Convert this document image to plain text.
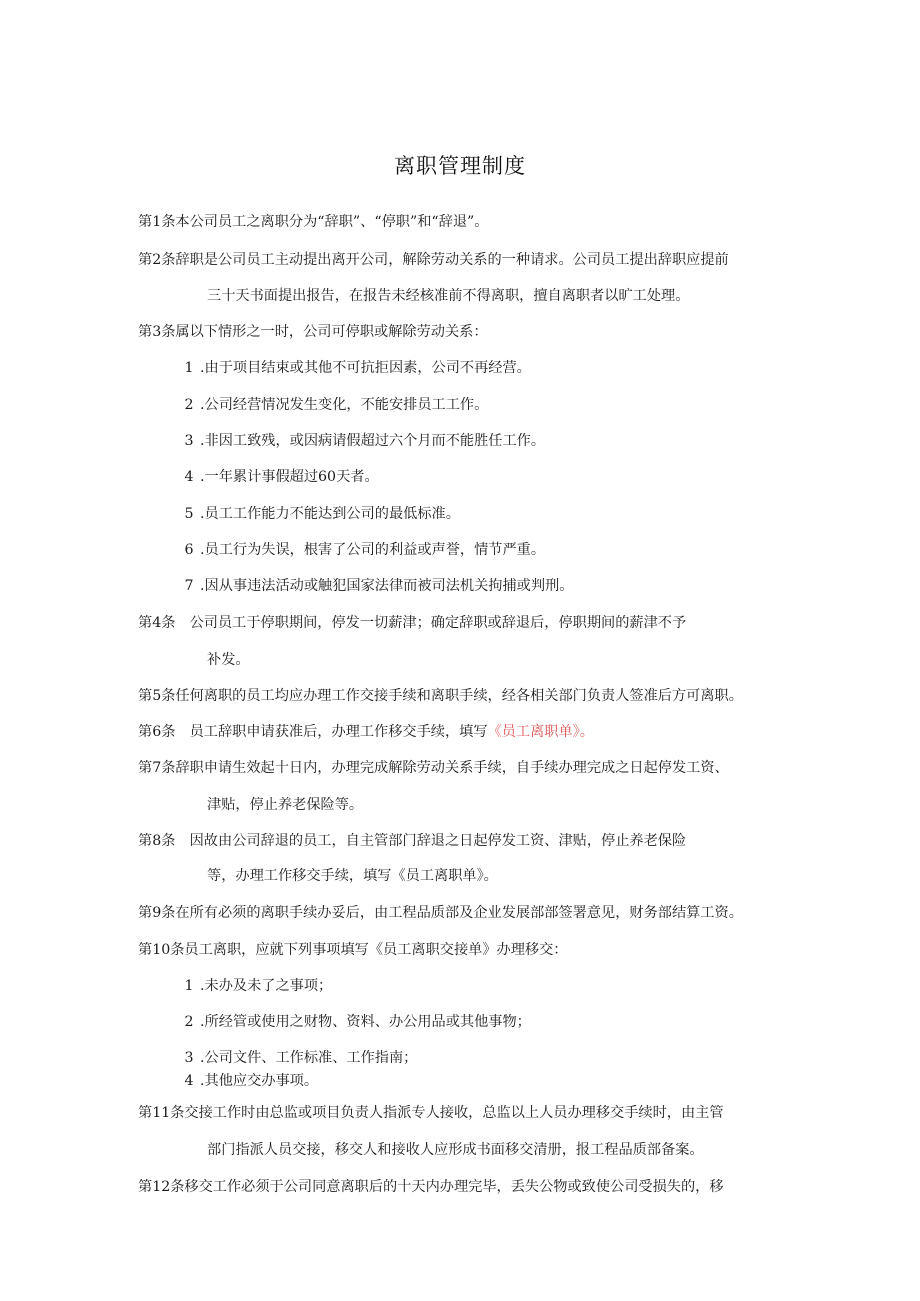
离职管理制度
第1条本公司员工之离职分为“辞职”、“停职”和“辞退”。
第2条辞职是公司员工主动提出离开公司，解除劳动关系的一种请求。公司员工提出辞职应提前
三十天书面提出报告，在报告未经核准前不得离职，擅自离职者以旷工处理。
第3条属以下情形之一时，公司可停职或解除劳动关系：
1 .由于项目结束或其他不可抗拒因素，公司不再经营。
2 .公司经营情况发生变化，不能安排员工工作。
3 .非因工致残，或因病请假超过六个月而不能胜任工作。
4 .一年累计事假超过60天者。
5 .员工工作能力不能达到公司的最低标准。
6 .员工行为失误，根害了公司的利益或声誉，情节严重。
7 .因从事违法活动或触犯国家法律而被司法机关拘捕或判刑。
第4条　公司员工于停职期间，停发一切薪津；确定辞职或辞退后，停职期间的薪津不予
补发。
第5条任何离职的员工均应办理工作交接手续和离职手续，经各相关部门负责人签准后方可离职。
第6条　员工辞职申请获准后，办理工作移交手续，填写《员工离职单》。
第7条辞职申请生效起十日内，办理完成解除劳动关系手续，自手续办理完成之日起停发工资、
津贴，停止养老保险等。
第8条　因故由公司辞退的员工，自主管部门辞退之日起停发工资、津贴，停止养老保险
等，办理工作移交手续，填写《员工离职单》。
第9条在所有必须的离职手续办妥后，由工程品质部及企业发展部部签署意见，财务部结算工资。
第10条员工离职，应就下列事项填写《员工离职交接单》办理移交：
1 .未办及未了之事项；
2 .所经管或使用之财物、资料、办公用品或其他事物；
3 .公司文件、工作标准、工作指南；
4 .其他应交办事项。
第11条交接工作时由总监或项目负责人指派专人接收，总监以上人员办理移交手续时，由主管
部门指派人员交接，移交人和接收人应形成书面移交清册，报工程品质部备案。
第12条移交工作必须于公司同意离职后的十天内办理完毕，丢失公物或致使公司受损失的，移
